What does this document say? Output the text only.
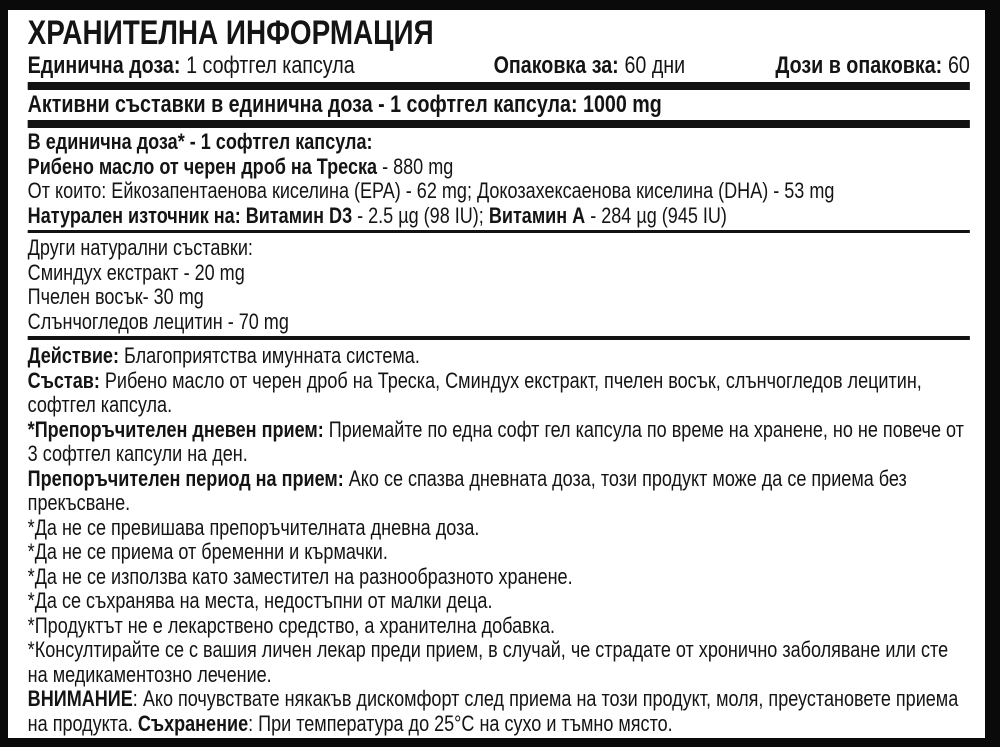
ХРАНИТЕЛНА ИНФОРМАЦИЯ
Единична доза: 1 софтгел капсула	Опаковка за: 60 дни	Дози в опаковка: 60
Активни съставки в единична доза - 1 софтгел капсула: 1000 mg

В единична доза* - 1 софтгел капсула:

Рибено масло от черен дроб на Треска - 880 mg

От които: Ейкозапентаенова киселина (EPA) - 62 mg; Докозахексаенова киселина (DHA) - 53 mg

Натурален източник на: Витамин D3 - 2.5 µg (98 IU); Витамин А - 284 µg (945 IU)

Други натурални съставки:

Сминдух екстракт - 20 mg

Пчелен восък- 30 mg

Слънчогледов лецитин - 70 mg

Действие: Благоприятства имунната система.

Състав: Рибено масло от черен дроб на Треска, Сминдух екстракт, пчелен восък, слънчогледов лецитин, софтгел капсула.

*Препоръчителен дневен прием: Приемайте по една софт гел капсула по време на хранене, но не повече от 3 софтгел капсули на ден.

Препоръчителен период на прием: Ако се спазва дневната доза, този продукт може да се приема без прекъсване.

*Да не се превишава препоръчителната дневна доза.

*Да не се приема от бременни и кърмачки.

*Да не се използва като заместител на разнообразното хранене.

*Да се съхранява на места, недостъпни от малки деца.

*Продуктът не е лекарствено средство, а хранителна добавка.

*Консултирайте се с вашия личен лекар преди прием, в случай, че страдате от хронично заболяване или сте на медикаментозно лечение.

ВНИМАНИЕ: Ако почувствате някакъв дискомфорт след приема на този продукт, моля, преустановете приема на продукта. Съхранение: При температура до 25°C на сухо и тъмно място.
